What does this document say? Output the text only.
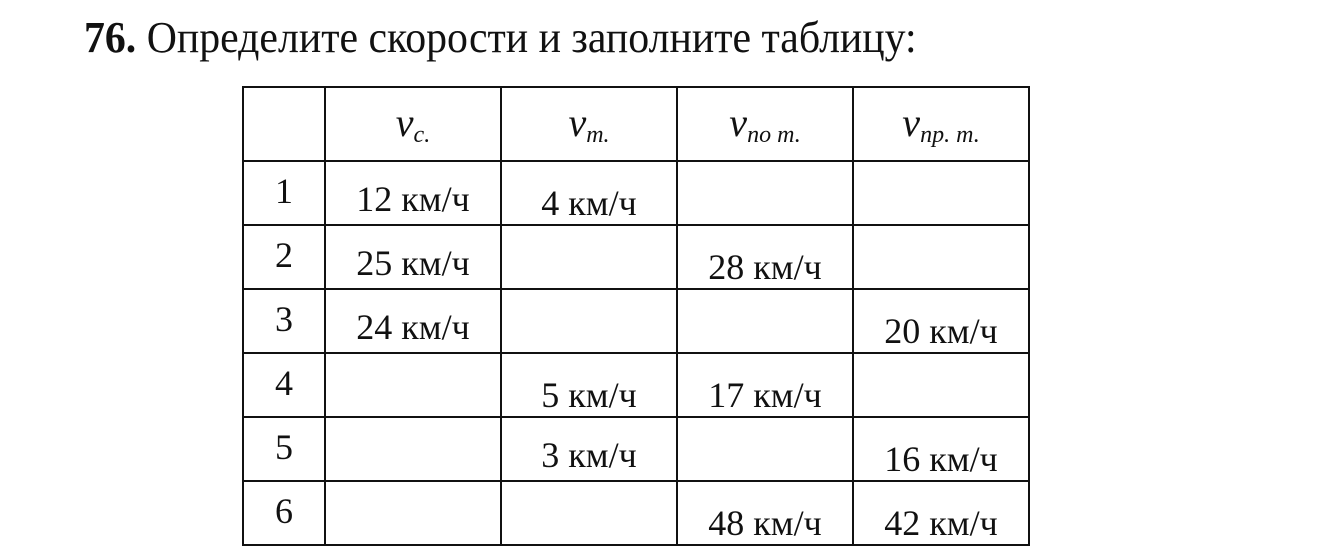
76. Определите скорости и заполните таблицу:
	$v_{c.}$	$v_{m.}$	$v_{по т.}$	$v_{пр. т.}$
1	12 км/ч	4 км/ч		
2	25 км/ч		28 км/ч	
3	24 км/ч			20 км/ч
4		5 км/ч	17 км/ч	
5		3 км/ч		16 км/ч
6			48 км/ч	42 км/ч
